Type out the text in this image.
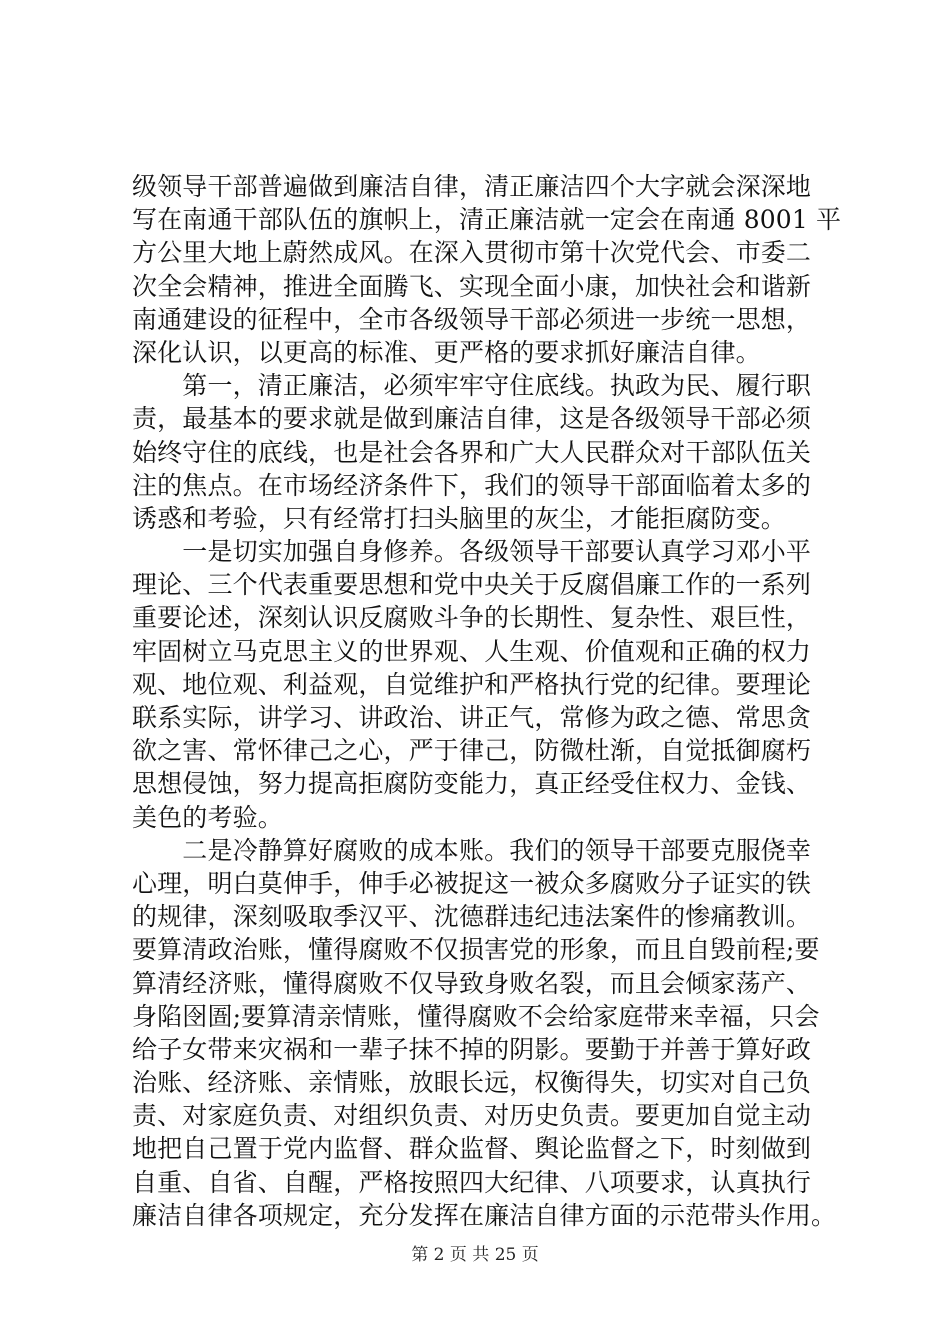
级领导干部普遍做到廉洁自律，清正廉洁四个大字就会深深地
写在南通干部队伍的旗帜上，清正廉洁就一定会在南通 8001 平
方公里大地上蔚然成风。在深入贯彻市第十次党代会、市委二
次全会精神，推进全面腾飞、实现全面小康，加快社会和谐新
南通建设的征程中，全市各级领导干部必须进一步统一思想，
深化认识，以更高的标准、更严格的要求抓好廉洁自律。
　　第一，清正廉洁，必须牢牢守住底线。执政为民、履行职
责，最基本的要求就是做到廉洁自律，这是各级领导干部必须
始终守住的底线，也是社会各界和广大人民群众对干部队伍关
注的焦点。在市场经济条件下，我们的领导干部面临着太多的
诱惑和考验，只有经常打扫头脑里的灰尘，才能拒腐防变。
　　一是切实加强自身修养。各级领导干部要认真学习邓小平
理论、三个代表重要思想和党中央关于反腐倡廉工作的一系列
重要论述，深刻认识反腐败斗争的长期性、复杂性、艰巨性，
牢固树立马克思主义的世界观、人生观、价值观和正确的权力
观、地位观、利益观，自觉维护和严格执行党的纪律。要理论
联系实际，讲学习、讲政治、讲正气，常修为政之德、常思贪
欲之害、常怀律己之心，严于律己，防微杜渐，自觉抵御腐朽
思想侵蚀，努力提高拒腐防变能力，真正经受住权力、金钱、
美色的考验。
　　二是冷静算好腐败的成本账。我们的领导干部要克服侥幸
心理，明白莫伸手，伸手必被捉这一被众多腐败分子证实的铁
的规律，深刻吸取季汉平、沈德群违纪违法案件的惨痛教训。
要算清政治账，懂得腐败不仅损害党的形象，而且自毁前程;要
算清经济账，懂得腐败不仅导致身败名裂，而且会倾家荡产、
身陷囹圄;要算清亲情账，懂得腐败不会给家庭带来幸福，只会
给子女带来灾祸和一辈子抹不掉的阴影。要勤于并善于算好政
治账、经济账、亲情账，放眼长远，权衡得失，切实对自己负
责、对家庭负责、对组织负责、对历史负责。要更加自觉主动
地把自己置于党内监督、群众监督、舆论监督之下，时刻做到
自重、自省、自醒，严格按照四大纪律、八项要求，认真执行
廉洁自律各项规定，充分发挥在廉洁自律方面的示范带头作用。
第 2 页 共 25 页
